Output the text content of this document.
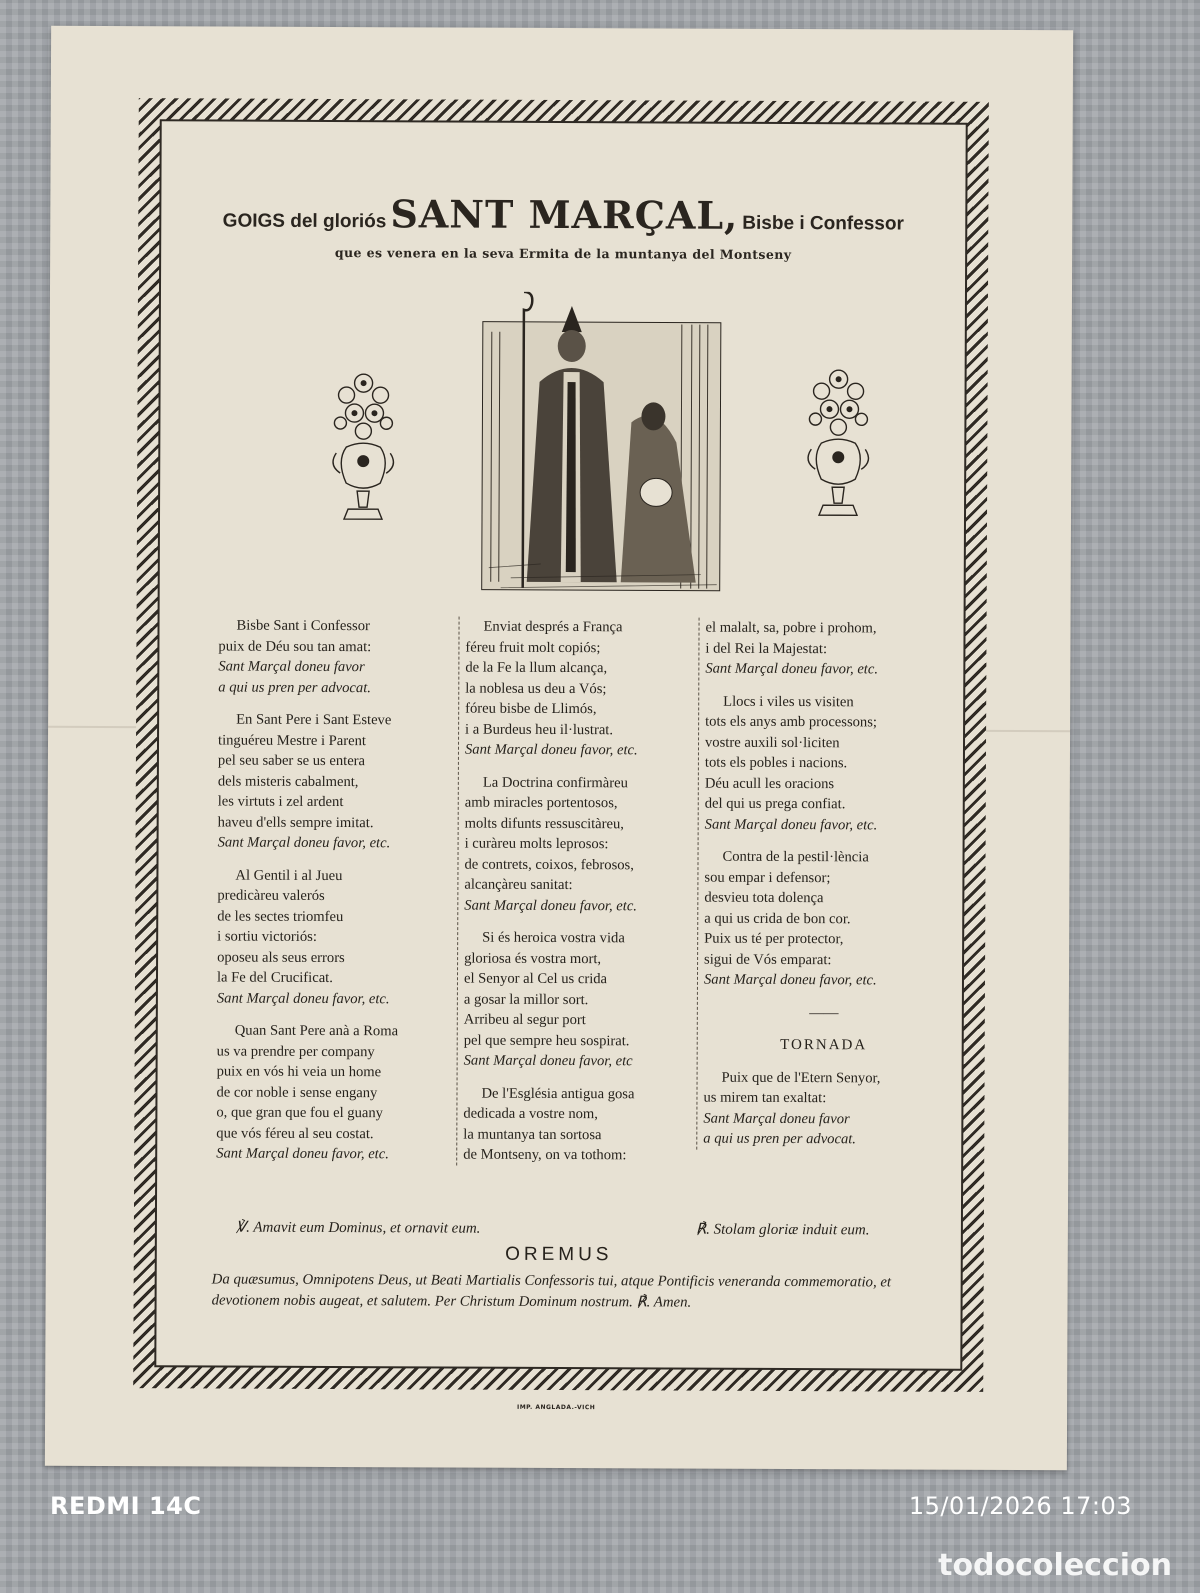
GOIGS del gloriós SANT MARÇAL, Bisbe i Confessor
que es venera en la seva Ermita de la muntanya del Montseny
Bisbe Sant i Confessor
puix de Déu sou tan amat:
Sant Marçal doneu favor
a qui us pren per advocat.
En Sant Pere i Sant Esteve
tinguéreu Mestre i Parent
pel seu saber se us entera
dels misteris cabalment,
les virtuts i zel ardent
haveu d'ells sempre imitat.
Sant Marçal doneu favor, etc.
Al Gentil i al Jueu
predicàreu valerós
de les sectes triomfeu
i sortiu victoriós:
oposeu als seus errors
la Fe del Crucificat.
Sant Marçal doneu favor, etc.
Quan Sant Pere anà a Roma
us va prendre per company
puix en vós hi veia un home
de cor noble i sense engany
o, que gran que fou el guany
que vós féreu al seu costat.
Sant Marçal doneu favor, etc.
Enviat després a França
féreu fruit molt copiós;
de la Fe la llum alcança,
la noblesa us deu a Vós;
fóreu bisbe de Llimós,
i a Burdeus heu il·lustrat.
Sant Marçal doneu favor, etc.
La Doctrina confirmàreu
amb miracles portentosos,
molts difunts ressuscitàreu,
i curàreu molts leprosos:
de contrets, coixos, febrosos,
alcançàreu sanitat:
Sant Marçal doneu favor, etc.
Si és heroica vostra vida
gloriosa és vostra mort,
el Senyor al Cel us crida
a gosar la millor sort.
Arribeu al segur port
pel que sempre heu sospirat.
Sant Marçal doneu favor, etc
De l'Església antigua gosa
dedicada a vostre nom,
la muntanya tan sortosa
de Montseny, on va tothom:
el malalt, sa, pobre i prohom,
i del Rei la Majestat:
Sant Marçal doneu favor, etc.
Llocs i viles us visiten
tots els anys amb processons;
vostre auxili sol·liciten
tots els pobles i nacions.
Déu acull les oracions
del qui us prega confiat.
Sant Marçal doneu favor, etc.
Contra de la pestil·lència
sou empar i defensor;
desvieu tota dolença
a qui us crida de bon cor.
Puix us té per protector,
sigui de Vós emparat:
Sant Marçal doneu favor, etc.
——
TORNADA
Puix que de l'Etern Senyor,
us mirem tan exaltat:
Sant Marçal doneu favor
a qui us pren per advocat.
℣. Amavit eum Dominus, et ornavit eum.	℟. Stolam gloriæ induit eum.
OREMUS
Da quæsumus, Omnipotens Deus, ut Beati Martialis Confessoris tui, atque Pontificis veneranda commemoratio, et devotionem nobis augeat, et salutem. Per Christum Dominum nostrum. ℟. Amen.
IMP. ANGLADA.-VICH
REDMI 14C	15/01/2026 17:03
todocoleccion
